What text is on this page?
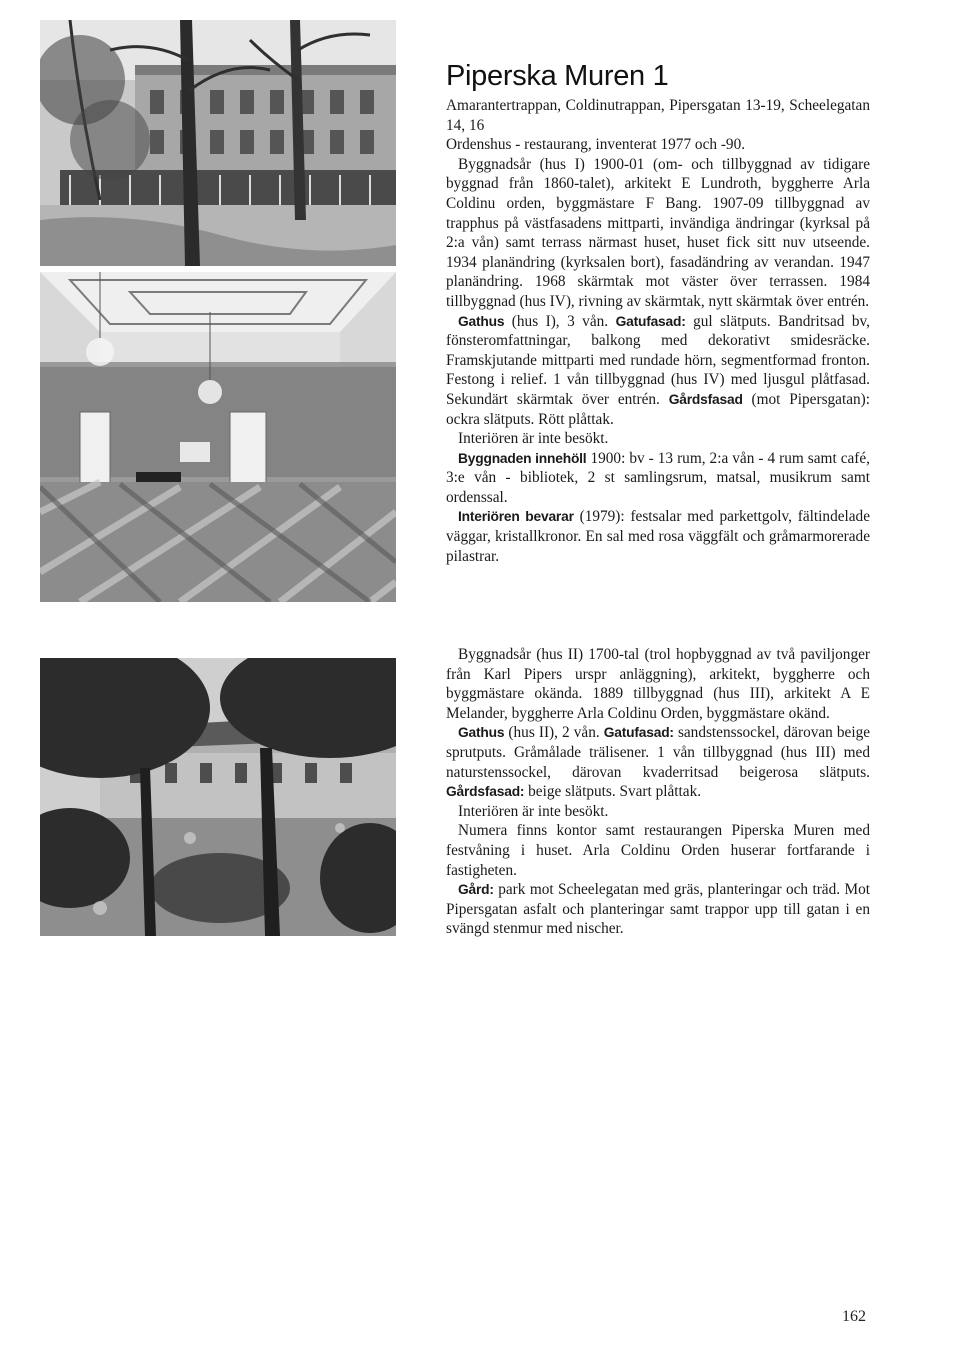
Piperska Muren 1

Amarantertrappan, Coldinutrappan, Pipersgatan 13-19, Scheelegatan 14, 16

Ordenshus - restaurang, inventerat 1977 och -90.

Byggnadsår (hus I) 1900-01 (om- och tillbyggnad av tidigare byggnad från 1860-talet), arkitekt E Lundroth, byggherre Arla Coldinu orden, byggmästare F Bang. 1907-09 tillbyggnad av trapphus på västfasadens mittparti, invändiga ändringar (kyrksal på 2:a vån) samt terrass närmast huset, huset fick sitt nuv utseende. 1934 planändring (kyrksalen bort), fasadändring av verandan. 1947 planändring. 1968 skärmtak mot väster över terrassen. 1984 tillbyggnad (hus IV), rivning av skärmtak, nytt skärmtak över entrén.

Gathus (hus I), 3 vån. Gatufasad: gul slätputs. Bandritsad bv, fönsteromfattningar, balkong med dekorativt smidesräcke. Framskjutande mittparti med rundade hörn, segmentformad fronton. Festong i relief. 1 vån tillbyggnad (hus IV) med ljusgul plåtfasad. Sekundärt skärmtak över entrén. Gårdsfasad (mot Pipersgatan): ockra slätputs. Rött plåttak.

Interiören är inte besökt.

Byggnaden innehöll 1900: bv - 13 rum, 2:a vån - 4 rum samt café, 3:e vån - bibliotek, 2 st samlingsrum, matsal, musikrum samt ordenssal.

Interiören bevarar (1979): festsalar med parkettgolv, fältindelade väggar, kristallkronor. En sal med rosa väggfält och gråmarmorerade pilastrar.

Byggnadsår (hus II) 1700-tal (trol hopbyggnad av två paviljonger från Karl Pipers urspr anläggning), arkitekt, byggherre och byggmästare okända. 1889 tillbyggnad (hus III), arkitekt A E Melander, byggherre Arla Coldinu Orden, byggmästare okänd.

Gathus (hus II), 2 vån. Gatufasad: sandstenssockel, därovan beige sprutputs. Gråmålade trälisener. 1 vån tillbyggnad (hus III) med naturstenssockel, därovan kvaderritsad beigerosa slätputs. Gårdsfasad: beige slätputs. Svart plåttak.

Interiören är inte besökt.

Numera finns kontor samt restaurangen Piperska Muren med festvåning i huset. Arla Coldinu Orden huserar fortfarande i fastigheten.

Gård: park mot Scheelegatan med gräs, planteringar och träd. Mot Pipersgatan asfalt och planteringar samt trappor upp till gatan i en svängd stenmur med nischer.

162
